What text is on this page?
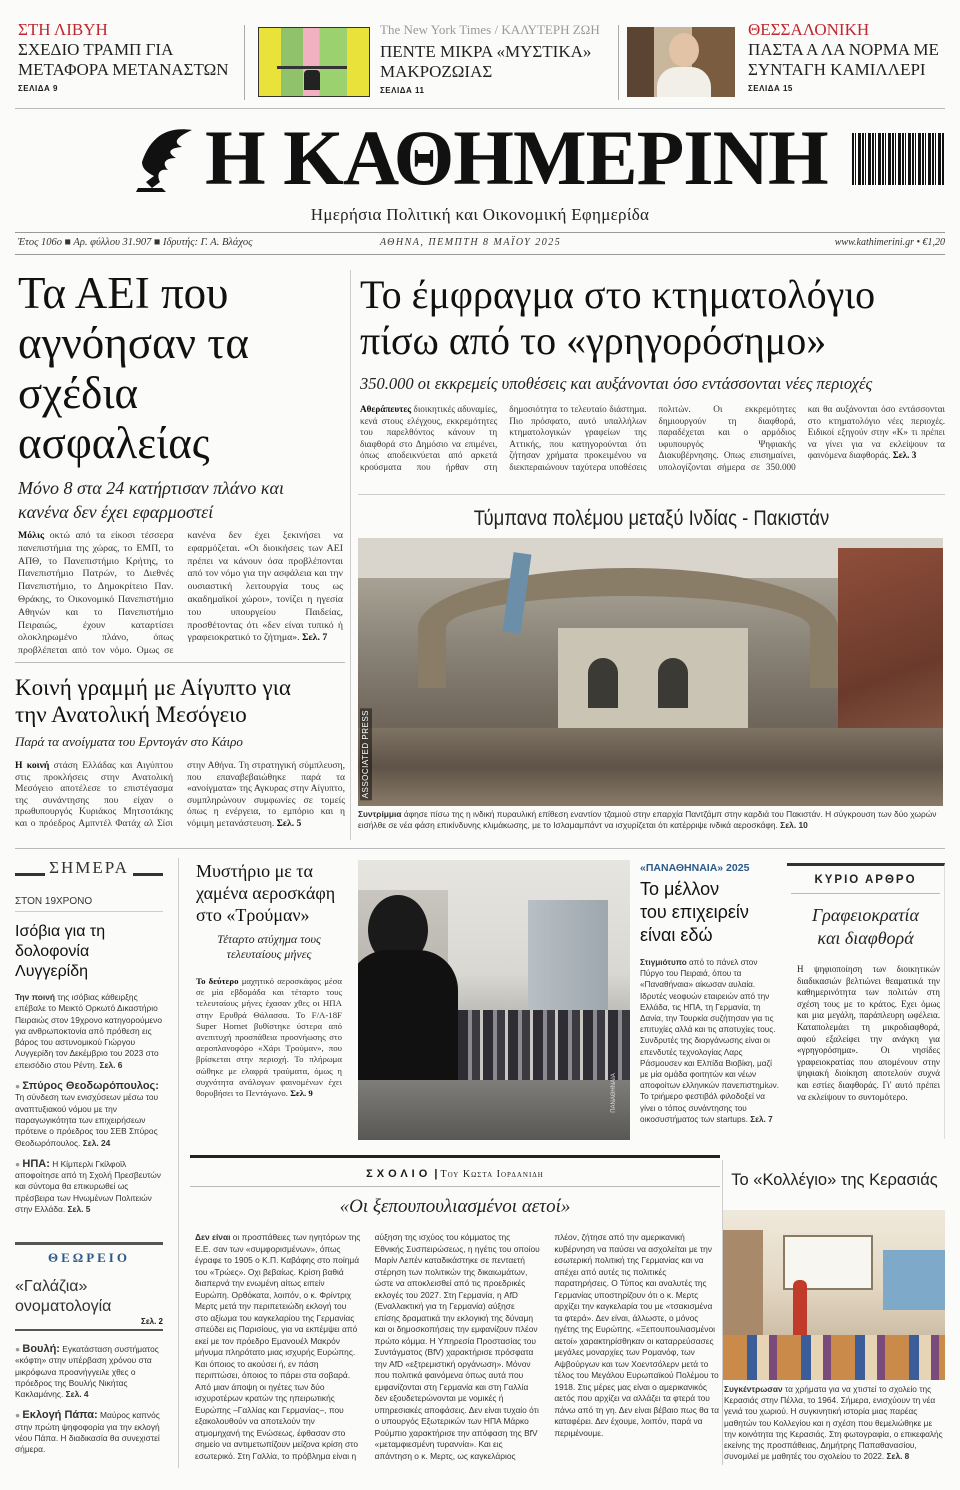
ΣΤΗ ΛΙΒΥΗ
ΣΧΕΔΙΟ ΤΡΑΜΠ ΓΙΑ ΜΕΤΑΦΟΡΑ ΜΕΤΑΝΑΣΤΩΝ
ΣΕΛΙΔΑ 9
The New York Times / ΚΑΛΥΤΕΡΗ ΖΩΗ
ΠΕΝΤΕ ΜΙΚΡΑ «ΜΥΣΤΙΚΑ» ΜΑΚΡΟΖΩΙΑΣ
ΣΕΛΙΔΑ 11
ΘΕΣΣΑΛΟΝΙΚΗ
ΠΑΣΤΑ Α ΛΑ ΝΟΡΜΑ ΜΕ ΣΥΝΤΑΓΗ ΚΑΜΙΛΛΕΡΙ
ΣΕΛΙΔΑ 15
Η ΚΑΘΗΜΕΡΙΝΗ
Ημερήσια Πολιτική και Οικονομική Εφημερίδα
Έτος 106ο ■ Αρ. φύλλου 31.907 ■ Ιδρυτής: Γ. Α. Βλάχος	ΑΘΗΝΑ, ΠΕΜΠΤΗ 8 ΜΑΪΟΥ 2025	www.kathimerini.gr • €1,20
Τα ΑΕΙ που αγνόησαν τα σχέδια ασφαλείας
Μόνο 8 στα 24 κατήρτισαν πλάνο και κανένα δεν έχει εφαρμοστεί
Μόλις οκτώ από τα είκοσι τέσσερα πανεπιστήμια της χώρας, το ΕΜΠ, το ΑΠΘ, το Πανεπιστήμιο Κρήτης, το Πανεπιστήμιο Πατρών, το Διεθνές Πανεπιστήμιο, το Δημοκρίτειο Παν. Θράκης, το Οικονομικό Πανεπιστήμιο Αθηνών και το Πανεπιστήμιο Πειραιώς, έχουν καταρτίσει ολοκληρωμένο πλάνο, όπως προβλέπεται από τον νόμο. Ομως σε κανένα δεν έχει ξεκινήσει να εφαρμόζεται. «Οι διοικήσεις των ΑΕΙ πρέπει να κάνουν όσα προβλέπονται από τον νόμο για την ασφάλεια και την ουσιαστική λειτουργία τους ως ακαδημαϊκοί χώροι», τονίζει η ηγεσία του υπουργείου Παιδείας, προσθέτοντας ότι «δεν είναι τυπικό ή γραφειοκρατικό το ζήτημα». Σελ. 7
Κοινή γραμμή με Αίγυπτο για την Ανατολική Μεσόγειο
Παρά τα ανοίγματα του Ερντογάν στο Κάιρο
Η κοινή στάση Ελλάδας και Αιγύπτου στις προκλήσεις στην Ανατολική Μεσόγειο αποτέλεσε το επιστέγασμα της συνάντησης που είχαν ο πρωθυπουργός Κυριάκος Μητσοτάκης και ο πρόεδρος Αμπντέλ Φατάχ αλ Σίσι στην Αθήνα. Τη στρατηγική σύμπλευση, που επαναβεβαιώθηκε παρά τα «ανοίγματα» της Αγκυρας στην Αίγυπτο, συμπληρώνουν συμφωνίες σε τομείς όπως η ενέργεια, το εμπόριο και η νόμιμη μετανάστευση. Σελ. 5
Το έμφραγμα στο κτηματολόγιο πίσω από το «γρηγορόσημο»
350.000 οι εκκρεμείς υποθέσεις και αυξάνονται όσο εντάσσονται νέες περιοχές
Αθεράπευτες διοικητικές αδυναμίες, κενά στους ελέγχους, εκκρεμότητες του παρελθόντος κάνουν τη διαφθορά στο Δημόσιο να επιμένει, όπως αποδεικνύεται από αρκετά κρούσματα που ήρθαν στη δημοσιότητα το τελευταίο διάστημα. Πιο πρόσφατο, αυτό υπαλλήλων κτηματολογικών γραφείων της Αττικής, που κατηγορούνται ότι ζήτησαν χρήματα προκειμένου να διεκπεραιώνουν ταχύτερα υποθέσεις πολιτών. Οι εκκρεμότητες δημιουργούν τη διαφθορά, παραδέχεται και ο αρμόδιος υφυπουργός Ψηφιακής Διακυβέρνησης. Οπως επισημαίνει, υπολογίζονται σήμερα σε 350.000 και θα αυξάνονται όσο εντάσσονται στο κτηματολόγιο νέες περιοχές. Ειδικοί εξηγούν στην «Κ» τι πρέπει να γίνει για να εκλείψουν τα φαινόμενα διαφθοράς. Σελ. 3
Τύμπανα πολέμου μεταξύ Ινδίας - Πακιστάν
ASSOCIATED PRESS
Συντρίμμια άφησε πίσω της η ινδική πυραυλική επίθεση εναντίον τζαμιού στην επαρχία Παντζάμπ στην καρδιά του Πακιστάν. Η σύγκρουση των δύο χωρών εισήλθε σε νέα φάση επικίνδυνης κλιμάκωσης, με το Ισλαμαμπάντ να ισχυρίζεται ότι κατέρριψε ινδικά αεροσκάφη. Σελ. 10
ΣΗΜΕΡΑ
ΣΤΟΝ 19ΧΡΟΝΟ
Ισόβια για τη δολοφονία Λυγγερίδη
Την ποινή της ισόβιας κάθειρξης επέβαλε το Μεικτό Ορκωτό Δικαστήριο Πειραιώς στον 19χρονο κατηγορούμενο για ανθρωποκτονία από πρόθεση εις βάρος του αστυνομικού Γιώργου Λυγγερίδη τον Δεκέμβριο του 2023 στο επεισόδιο στου Ρέντη. Σελ. 6
● Σπύρος Θεοδωρόπουλος: Τη σύνδεση των ενισχύσεων μέσω του αναπτυξιακού νόμου με την παραγωγικότητα των επιχειρήσεων πρότεινε ο πρόεδρος του ΣΕΒ Σπύρος Θεοδωρόπουλος. Σελ. 24
● ΗΠΑ: Η Κίμπερλι Γκίλφοϊλ αποφοίτησε από τη Σχολή Πρεσβευτών και σύντομα θα επικυρωθεί ως πρέσβειρα των Ηνωμένων Πολιτειών στην Ελλάδα. Σελ. 5
ΘΕΩΡΕΙΟ
«Γαλάζια» ονοματολογία
Σελ. 2
● Βουλή: Εγκατάσταση συστήματος «κόφτη» στην υπέρβαση χρόνου στα μικρόφωνα προανήγγειλε χθες ο πρόεδρος της Βουλής Νικήτας Κακλαμάνης. Σελ. 4
● Εκλογή Πάπα: Μαύρος καπνός στην πρώτη ψηφοφορία για την εκλογή νέου Πάπα. Η διαδικασία θα συνεχιστεί σήμερα.
Μυστήριο με τα χαμένα αεροσκάφη στο «Τρούμαν»
Τέταρτο ατύχημα τους τελευταίους μήνες
Το δεύτερο μαχητικό αεροσκάφος μέσα σε μία εβδομάδα και τέταρτο τους τελευταίους μήνες έχασαν χθες οι ΗΠΑ στην Ερυθρά Θάλασσα. Το F/A-18F Super Hornet βυθίστηκε ύστερα από ανεπιτυχή προσπάθεια προσνήωσης στο αεροπλανοφόρο «Χάρι Τρούμαν», που βρίσκεται στην περιοχή. Το πλήρωμα σώθηκε με ελαφρά τραύματα, όμως η συχνότητα ανάλογων φαινομένων έχει θορυβήσει το Πεντάγωνο. Σελ. 9	ΠΑΝΑΘΗΝΑΙΑ
«ΠΑΝΑΘΗΝΑΙΑ» 2025
Το μέλλον του επιχειρείν είναι εδώ
Στιγμιότυπο από το πάνελ στον Πύργο του Πειραιά, όπου τα «Παναθήναια» αίκωσαν αυλαία. Ιδρυτές νεοφυών εταιρειών από την Ελλάδα, τις ΗΠΑ, τη Γερμανία, τη Δανία, την Τουρκία συζήτησαν για τις επιτυχίες αλλά και τις αποτυχίες τους. Συνδρυτές της διοργάνωσης είναι οι επενδυτές τεχνολογίας Λαρς Ράσμουσεν και Ελπίδα Βιοβίκη, μαζί με μία ομάδα φοιτητών και νέων αποφοίτων ελληνικών πανεπιστημίων. Το τριήμερο φεστιβάλ φιλοδοξεί να γίνει ο τόπος συνάντησης του οικοσυστήματος των startups. Σελ. 7
ΚΥΡΙΟ ΑΡΘΡΟ
Γραφειοκρατία και διαφθορά
Η ψηφιοποίηση των διοικητικών διαδικασιών βελτιώνει θεαματικά την καθημερινότητα των πολιτών στη σχέση τους με το κράτος. Εχει όμως και μια μεγάλη, παράπλευρη ωφέλεια. Καταπολεμάει τη μικροδιαφθορά, αφού εξαλείφει την ανάγκη για «γρηγορόσημα». Οι νησίδες γραφειοκρατίας που απομένουν στην ψηφιακή διοίκηση αποτελούν συχνά και εστίες διαφθοράς. Γι' αυτό πρέπει να εκλείψουν το συντομότερο.
ΣΧΟΛΙΟ | Του Κωστα Ιορδανιδη
«Οι ξεπουπουλιασμένοι αετοί»
Δεν είναι οι προσπάθειες των ηγητόρων της Ε.Ε. σαν των «συμφορισμένων», όπως έγραφε το 1905 ο Κ.Π. Καβάφης στο ποίημά του «Τρώες». Οχι βεβαίως. Κρίση βαθιά διαπερνά την ενωμένη αίτως ειπείν Ευρώπη. Ορθόκατα, λοιπόν, ο κ. Φρίντριχ Μερτς μετά την περιπετειώδη εκλογή του στο αξίωμα του καγκελαρίου της Γερμανίας σπεύδει εις Παρισίους, για να εκπέμψει από εκεί με τον πρόεδρο Εμανουέλ Μακρόν μήνυμα πληρότατο μιας ισχυρής Ευρώπης. Και όποιος το ακούσει ή, εν πάση περιπτώσει, όποιος το πάρει στα σοβαρά. Από μιαν άποψη οι ηγέτες των δύο ισχυροτέρων κρατών της ηπειρωτικής Ευρώπης –Γαλλίας και Γερμανίας–, που εξακολουθούν να αποτελούν την ατμομηχανή της Ενώσεως, έφθασαν στο σημείο να αντιμετωπίζουν μείζονα κρίση στο εσωτερικό. Στη Γαλλία, το πρόβλημα είναι η αύξηση της ισχύος του κόμματος της Εθνικής Συσπειρώσεως, η ηγέτις του οποίου Μαρίν Λεπέν καταδικάστηκε σε πενταετή στέρηση των πολιτικών της δικαιωμάτων, ώστε να αποκλεισθεί από τις προεδρικές εκλογές του 2027. Στη Γερμανία, η AfD (Εναλλακτική για τη Γερμανία) αύξησε επίσης δραματικά την εκλογική της δύναμη και οι δημοσκοπήσεις την εμφανίζουν πλέον πρώτο κόμμα. Η Υπηρεσία Προστασίας του Συντάγματος (BfV) χαρακτήρισε πρόσφατα την AfD «εξτρεμιστική οργάνωση». Μόνον που πολιτικά φαινόμενα όπως αυτά που εμφανίζονται στη Γερμανία και στη Γαλλία δεν εξουδετερώνονται με νομικές ή υπηρεσιακές αποφάσεις. Δεν είναι τυχαίο ότι ο υπουργός Εξωτερικών των ΗΠΑ Μάρκο Ρούμπιο χαρακτήρισε την απόφαση της BfV «μεταμφιεσμένη τυραννία». Και εις απάντηση ο κ. Μερτς, ως καγκελάριος πλέον, ζήτησε από την αμερικανική κυβέρνηση να παύσει να ασχολείται με την εσωτερική πολιτική της Γερμανίας και να απέχει από αυτές τις πολιτικές παρατηρήσεις. Ο Τύπος και αναλυτές της Γερμανίας υποστηρίζουν ότι ο κ. Μερτς αρχίζει την καγκελαρία του με «τσακισμένα τα φτερά». Δεν είναι, άλλωστε, ο μόνος ηγέτης της Ευρώπης. «Ξεπουπουλιασμένοι αετοί» χαρακτηρίσθηκαν οι καταρρεύσασες μεγάλες μοναρχίες των Ρομανόφ, των Αψβούργων και των Χοεντσόλερν μετά το τέλος του Μεγάλου Ευρωπαϊκού Πολέμου το 1918. Στις μέρες μας είναι ο αμερικανικός αετός που αρχίζει να αλλάζει τα φτερά του πάνω από τη γη. Δεν είναι βέβαιο πως θα τα καταφέρει. Δεν έχουμε, λοιπόν, παρά να περιμένουμε.
Το «Κολλέγιο» της Κερασιάς
Συγκέντρωσαν τα χρήματα για να χτιστεί το σχολείο της Κερασιάς στην Πέλλα, το 1964. Σήμερα, ενισχύουν τη νέα γενιά του χωριού. Η συγκινητική ιστορία μιας παρέας μαθητών του Κολλεγίου και η σχέση που θεμελιώθηκε με την κοινότητα της Κερασιάς. Στη φωτογραφία, ο επικεφαλής εκείνης της προσπάθειας, Δημήτρης Παπαθανασίου, συνομιλεί με μαθητές του σχολείου το 2022. Σελ. 8
